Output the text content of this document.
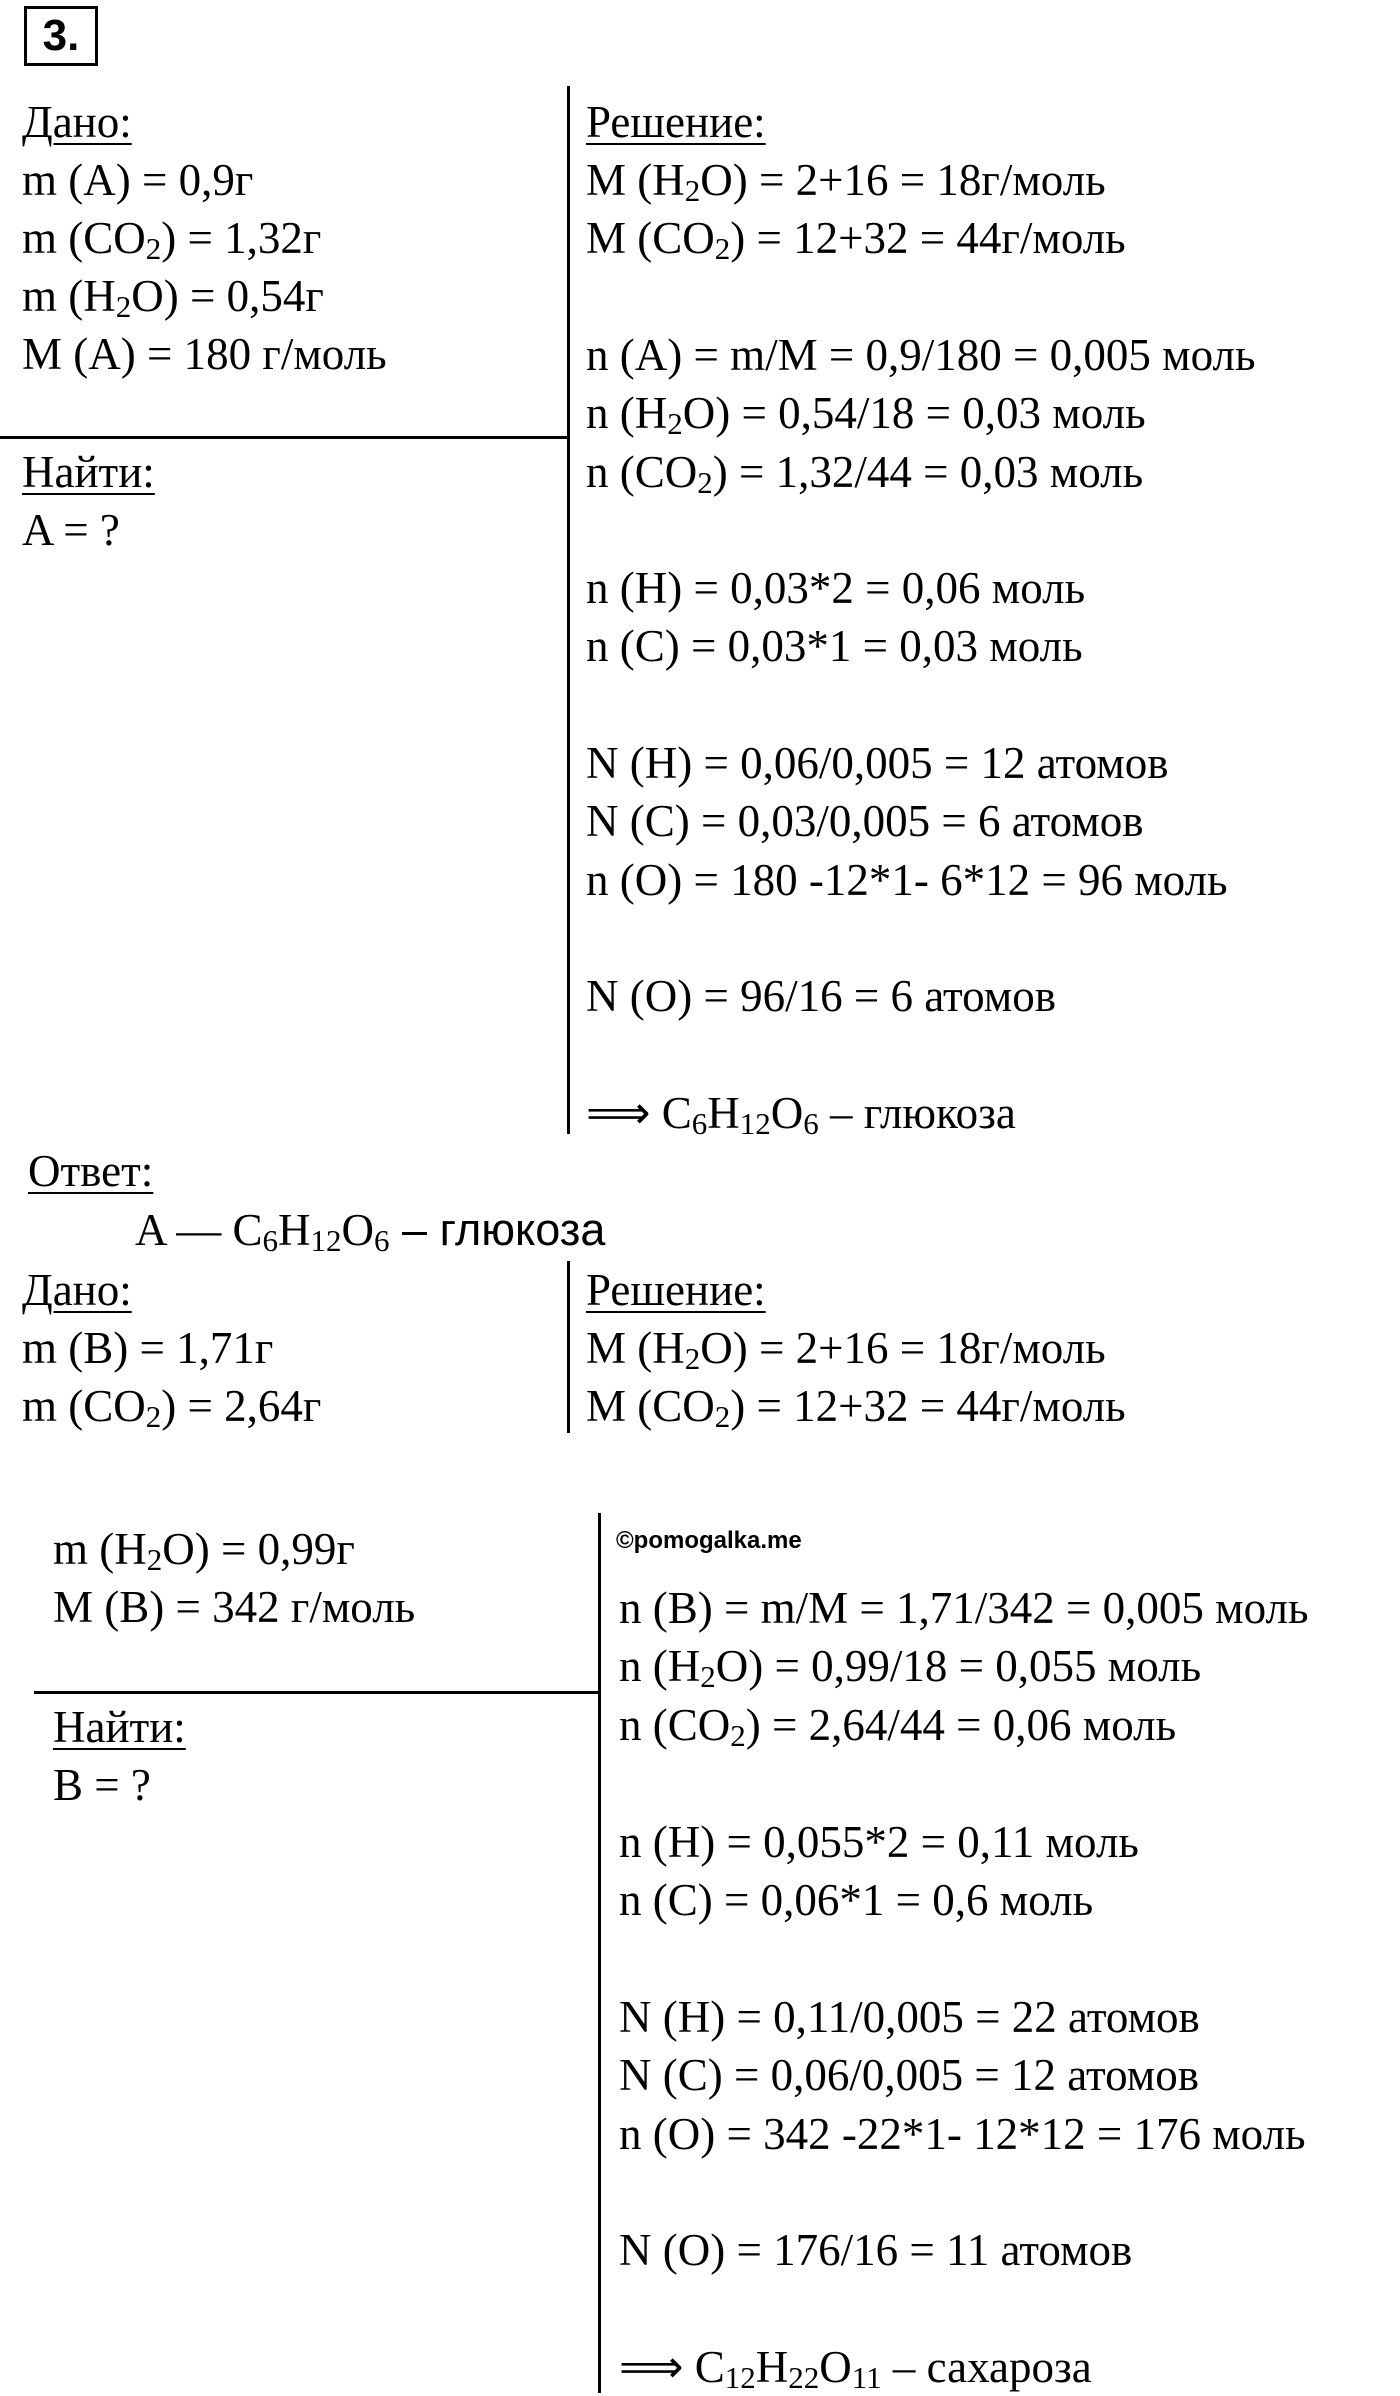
3.
Дано:
m (A) = 0,9г
m (CO2) = 1,32г
m (H2O) = 0,54г
M (A) = 180 г/моль
Найти:
A = ?
Решение:
M (H2O) = 2+16 = 18г/моль
M (CO2) = 12+32 = 44г/моль
n (A) = m/M = 0,9/180 = 0,005 моль
n (H2O) = 0,54/18 = 0,03 моль
n (CO2) = 1,32/44 = 0,03 моль
n (H) = 0,03*2 = 0,06 моль
n (C) = 0,03*1 = 0,03 моль
N (H) = 0,06/0,005 = 12 атомов
N (C) = 0,03/0,005 = 6 атомов
n (O) = 180 -12*1- 6*12 = 96 моль
N (O) = 96/16 = 6 атомов
⟹ C6H12O6 – глюкоза
Ответ:
A — C6H12O6 – глюкоза
Дано:
m (B) = 1,71г
m (CO2) = 2,64г
Решение:
M (H2O) = 2+16 = 18г/моль
M (CO2) = 12+32 = 44г/моль
m (H2O) = 0,99г
M (B) = 342 г/моль
Найти:
B = ?
©pomogalka.me
n (B) = m/M = 1,71/342 = 0,005 моль
n (H2O) = 0,99/18 = 0,055 моль
n (CO2) = 2,64/44 = 0,06 моль
n (H) = 0,055*2 = 0,11 моль
n (C) = 0,06*1 = 0,6 моль
N (H) = 0,11/0,005 = 22 атомов
N (C) = 0,06/0,005 = 12 атомов
n (O) = 342 -22*1- 12*12 = 176 моль
N (O) = 176/16 = 11 атомов
⟹ C12H22O11 – сахароза
